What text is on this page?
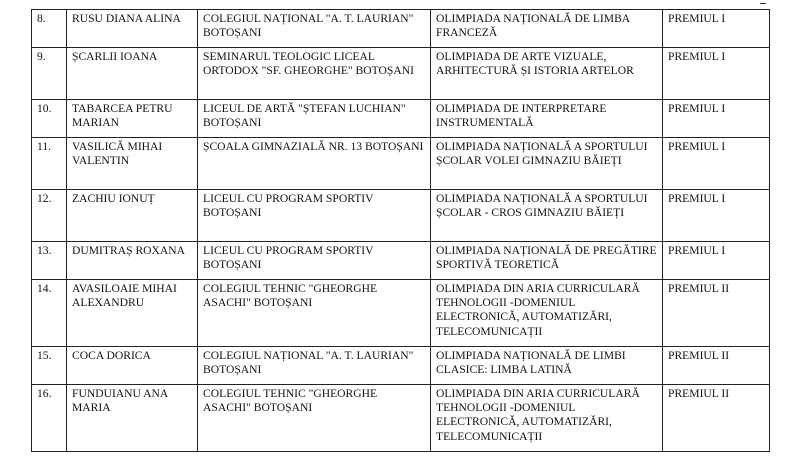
8.	RUSU DIANA ALINA	COLEGIUL NAȚIONAL "A. T. LAURIAN" BOTOȘANI	OLIMPIADA NAȚIONALĂ DE LIMBA FRANCEZĂ	PREMIUL I
9.	ȘCARLII IOANA	SEMINARUL TEOLOGIC LICEAL ORTODOX "SF. GHEORGHE" BOTOȘANI	OLIMPIADA DE ARTE VIZUALE, ARHITECTURĂ ȘI ISTORIA ARTELOR	PREMIUL I
10.	TABARCEA PETRU MARIAN	LICEUL DE ARTĂ "ȘTEFAN LUCHIAN" BOTOȘANI	OLIMPIADA DE INTERPRETARE INSTRUMENTALĂ	PREMIUL I
11.	VASILICĂ MIHAI VALENTIN	ȘCOALA GIMNAZIALĂ NR. 13 BOTOȘANI	OLIMPIADA NAȚIONALĂ A SPORTULUI ȘCOLAR VOLEI GIMNAZIU BĂIEȚI	PREMIUL I
12.	ZACHIU IONUȚ	LICEUL CU PROGRAM SPORTIV BOTOȘANI	OLIMPIADA NAȚIONALĂ A SPORTULUI ȘCOLAR - CROS GIMNAZIU BĂIEȚI	PREMIUL I
13.	DUMITRAȘ ROXANA	LICEUL CU PROGRAM SPORTIV BOTOȘANI	OLIMPIADA NAȚIONALĂ DE PREGĂTIRE SPORTIVĂ TEORETICĂ	PREMIUL I
14.	AVASILOAIE MIHAI ALEXANDRU	COLEGIUL TEHNIC "GHEORGHE ASACHI" BOTOȘANI	OLIMPIADA DIN ARIA CURRICULARĂ TEHNOLOGII -DOMENIUL ELECTRONICĂ, AUTOMATIZĂRI, TELECOMUNICAȚII	PREMIUL II
15.	COCA DORICA	COLEGIUL NAȚIONAL "A. T. LAURIAN" BOTOȘANI	OLIMPIADA NAȚIONALĂ DE LIMBI CLASICE: LIMBA LATINĂ	PREMIUL II
16.	FUNDUIANU ANA MARIA	COLEGIUL TEHNIC "GHEORGHE ASACHI" BOTOȘANI	OLIMPIADA DIN ARIA CURRICULARĂ TEHNOLOGII -DOMENIUL ELECTRONICĂ, AUTOMATIZĂRI, TELECOMUNICAȚII	PREMIUL II
